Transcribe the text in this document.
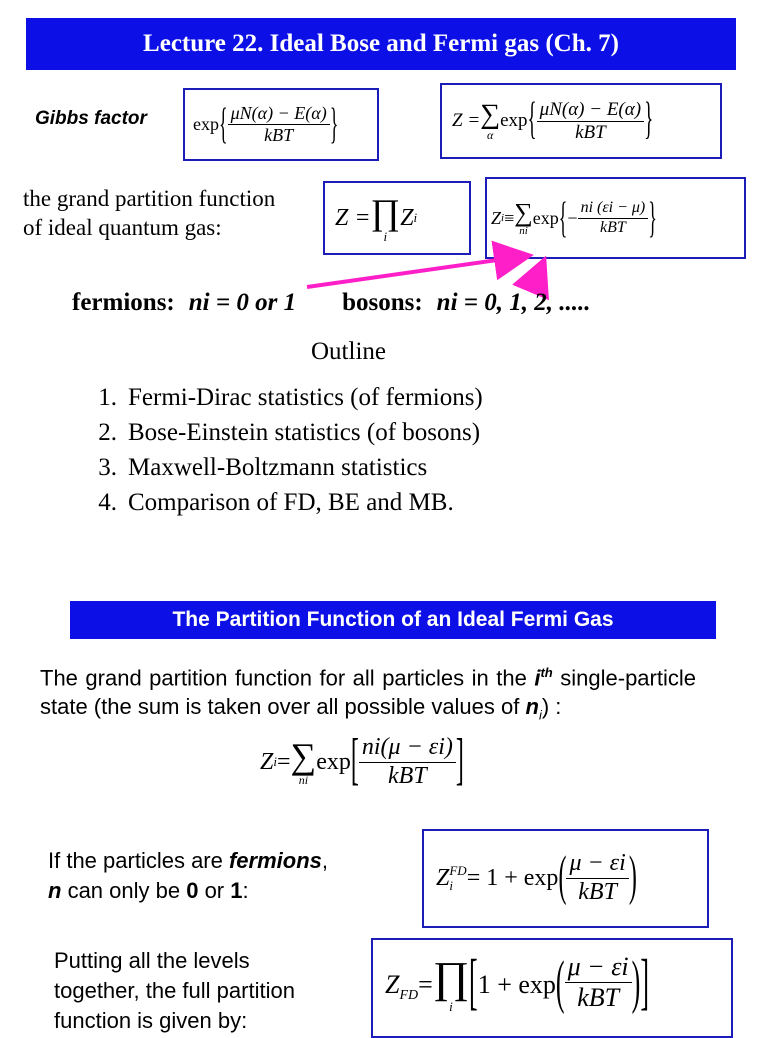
Lecture 22. Ideal Bose and Fermi gas (Ch. 7)
Gibbs factor	exp { $\frac{\mu N(\alpha) - E(\alpha)}{\text{kBT}}$ }	Z = ∑
α
exp { $\frac{\mu N(\alpha) - E(\alpha)}{\text{kBT}}$ }
the grand partition function
of ideal quantum gas:	Z = ∏
i
Z i	Z i ≡ ∑
ni
exp { − $\frac{ni (\varepsilon i - \mu)}{\text{kBT}}$ }
fermions: ni = 0 or 1 bosons: ni = 0, 1, 2, .....
Outline
1. Fermi-Dirac statistics (of fermions)
2. Bose-Einstein statistics (of bosons)
3. Maxwell-Boltzmann statistics
4. Comparison of FD, BE and MB.
The Partition Function of an Ideal Fermi Gas
The grand partition function for all particles in the $i^{th}$ single-particle state (the sum is taken over all possible values of $n_i$) :
Z i = ∑
ni
exp [ $\frac{ni(\mu - \varepsilon i)}{\text{kBT}}$ ]
If the particles are fermions,
n can only be 0 or 1:	Z FD
i = 1 + exp ( $\frac{\mu - \varepsilon i}{\text{kBT}}$ )
Putting all the levels
together, the full partition
function is given by:
$Z_{FD}$ = ∏
i [ 1 + exp ( $\frac{\mu - \varepsilon i}{\text{kBT}}$ ) ]
